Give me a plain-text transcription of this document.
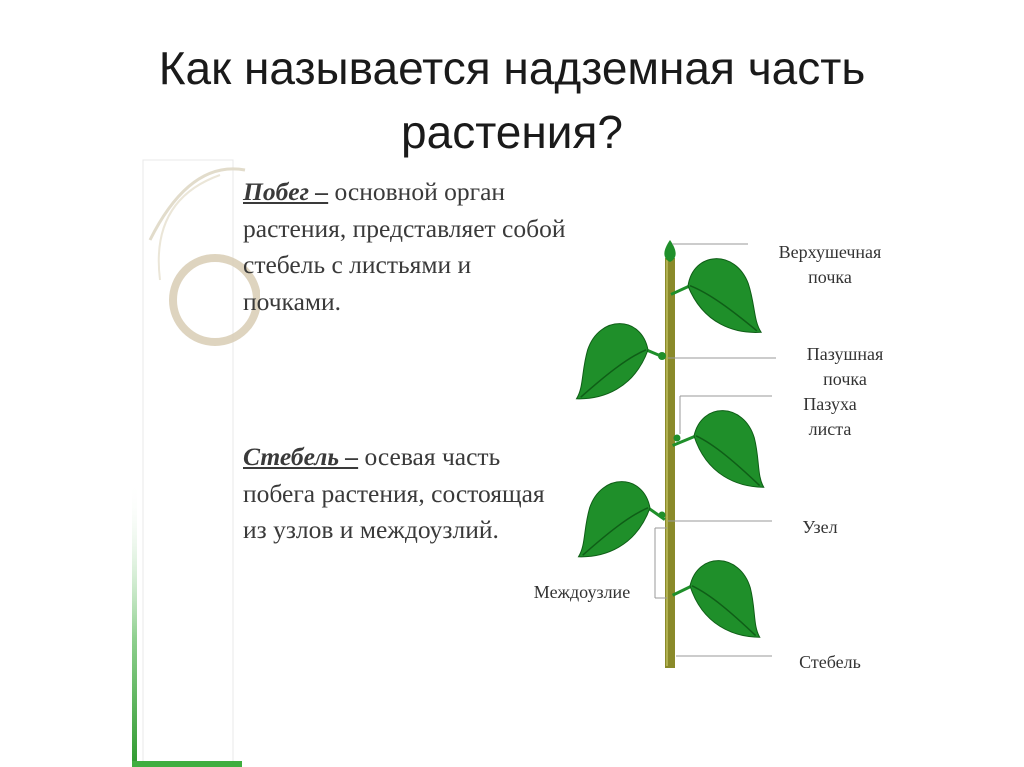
Как называется надземная часть
растения?
Побег – основной орган растения, представляет собой стебель с листьями и почками.
Стебель – осевая часть побега растения, состоящая из узлов и междоузлий.
Верхушечная
почка
Пазушная
почка
Пазуха
листа
Узел
Междоузлие
Стебель
